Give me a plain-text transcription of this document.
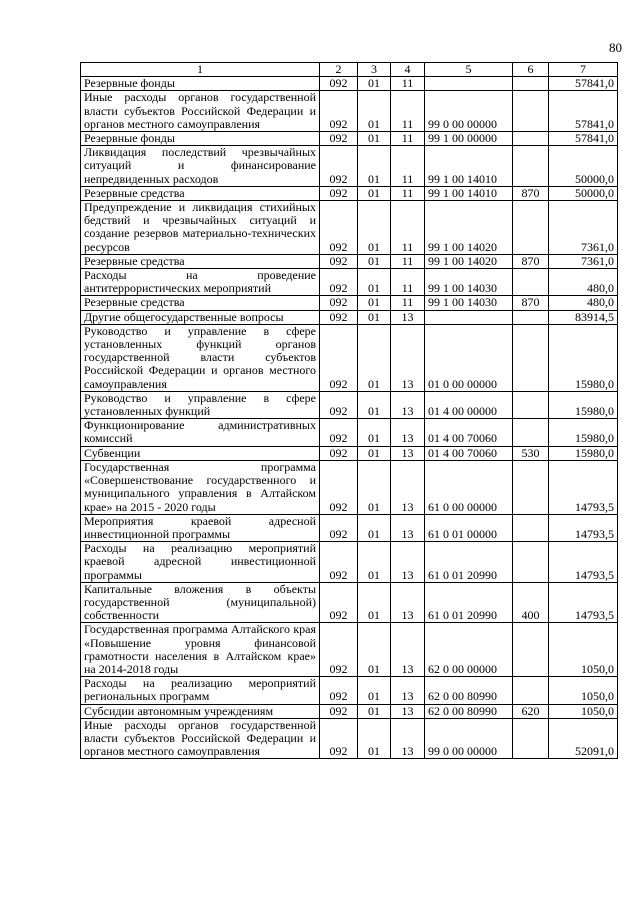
80
1	2	3	4	5	6	7
Резервные фонды	092	01	11			57841,0
Иные расходы органов государственной власти субъектов Российской Федерации и органов местного самоуправления	092	01	11	99 0 00 00000		57841,0
Резервные фонды	092	01	11	99 1 00 00000		57841,0
Ликвидация последствий чрезвычайных ситуаций и финансирование непредвиденных расходов	092	01	11	99 1 00 14010		50000,0
Резервные средства	092	01	11	99 1 00 14010	870	50000,0
Предупреждение и ликвидация стихийных бедствий и чрезвычайных ситуаций и создание резервов материально-технических ресурсов	092	01	11	99 1 00 14020		7361,0
Резервные средства	092	01	11	99 1 00 14020	870	7361,0
Расходы на проведение антитеррористических мероприятий	092	01	11	99 1 00 14030		480,0
Резервные средства	092	01	11	99 1 00 14030	870	480,0
Другие общегосударственные вопросы	092	01	13			83914,5
Руководство и управление в сфере установленных функций органов государственной власти субъектов Российской Федерации и органов местного самоуправления	092	01	13	01 0 00 00000		15980,0
Руководство и управление в сфере установленных функций	092	01	13	01 4 00 00000		15980,0
Функционирование административных комиссий	092	01	13	01 4 00 70060		15980,0
Субвенции	092	01	13	01 4 00 70060	530	15980,0
Государственная программа «Совершенствование государственного и муниципального управления в Алтайском крае» на 2015 - 2020 годы	092	01	13	61 0 00 00000		14793,5
Мероприятия краевой адресной инвестиционной программы	092	01	13	61 0 01 00000		14793,5
Расходы на реализацию мероприятий краевой адресной инвестиционной программы	092	01	13	61 0 01 20990		14793,5
Капитальные вложения в объекты государственной (муниципальной) собственности	092	01	13	61 0 01 20990	400	14793,5
Государственная программа Алтайского края «Повышение уровня финансовой грамотности населения в Алтайском крае» на 2014-2018 годы	092	01	13	62 0 00 00000		1050,0
Расходы на реализацию мероприятий региональных программ	092	01	13	62 0 00 80990		1050,0
Субсидии автономным учреждениям	092	01	13	62 0 00 80990	620	1050,0
Иные расходы органов государственной власти субъектов Российской Федерации и органов местного самоуправления	092	01	13	99 0 00 00000		52091,0
